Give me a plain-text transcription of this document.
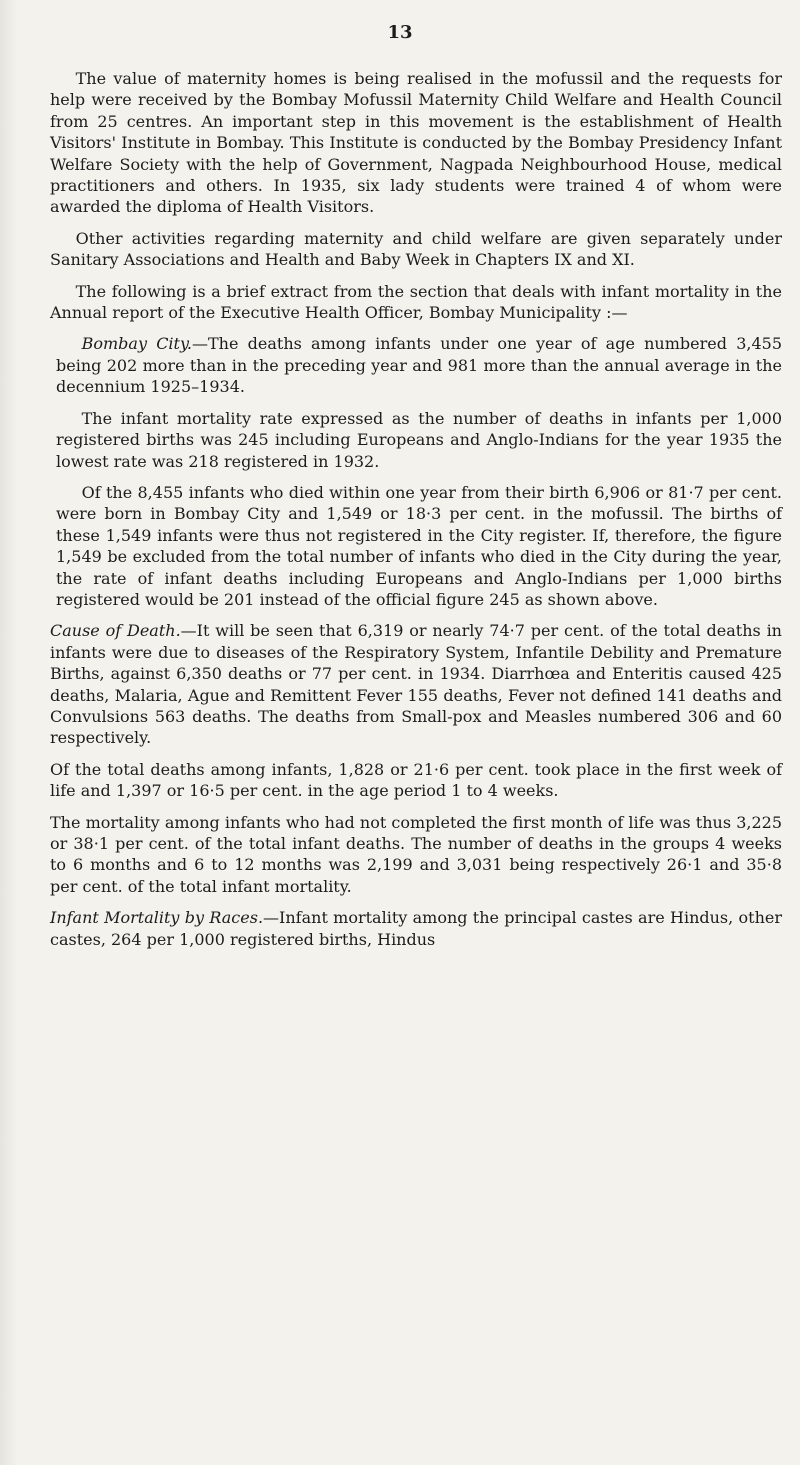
13

The value of maternity homes is being realised in the mofussil and the requests for help were received by the Bombay Mofussil Maternity Child Welfare and Health Council from 25 centres. An important step in this movement is the establishment of Health Visitors' Institute in Bombay. This Institute is conducted by the Bombay Presidency Infant Welfare Society with the help of Government, Nagpada Neighbourhood House, medical practitioners and others. In 1935, six lady students were trained 4 of whom were awarded the diploma of Health Visitors.

Other activities regarding maternity and child welfare are given separately under Sanitary Associations and Health and Baby Week in Chapters IX and XI.

The following is a brief extract from the section that deals with infant mortality in the Annual report of the Executive Health Officer, Bombay Municipality :—

Bombay City.—The deaths among infants under one year of age numbered 3,455 being 202 more than in the preceding year and 981 more than the annual average in the decennium 1925–1934.

The infant mortality rate expressed as the number of deaths in infants per 1,000 registered births was 245 including Europeans and Anglo-Indians for the year 1935 the lowest rate was 218 registered in 1932.

Of the 8,455 infants who died within one year from their birth 6,906 or 81·7 per cent. were born in Bombay City and 1,549 or 18·3 per cent. in the mofussil. The births of these 1,549 infants were thus not registered in the City register. If, therefore, the figure 1,549 be excluded from the total number of infants who died in the City during the year, the rate of infant deaths including Europeans and Anglo-Indians per 1,000 births registered would be 201 instead of the official figure 245 as shown above.

Cause of Death.—It will be seen that 6,319 or nearly 74·7 per cent. of the total deaths in infants were due to diseases of the Respiratory System, Infantile Debility and Premature Births, against 6,350 deaths or 77 per cent. in 1934. Diarrhœa and Enteritis caused 425 deaths, Malaria, Ague and Remittent Fever 155 deaths, Fever not defined 141 deaths and Convulsions 563 deaths. The deaths from Small-pox and Measles numbered 306 and 60 respectively.

Of the total deaths among infants, 1,828 or 21·6 per cent. took place in the first week of life and 1,397 or 16·5 per cent. in the age period 1 to 4 weeks.

The mortality among infants who had not completed the first month of life was thus 3,225 or 38·1 per cent. of the total infant deaths. The number of deaths in the groups 4 weeks to 6 months and 6 to 12 months was 2,199 and 3,031 being respectively 26·1 and 35·8 per cent. of the total infant mortality.

Infant Mortality by Races.—Infant mortality among the principal castes are Hindus, other castes, 264 per 1,000 registered births, Hindus
